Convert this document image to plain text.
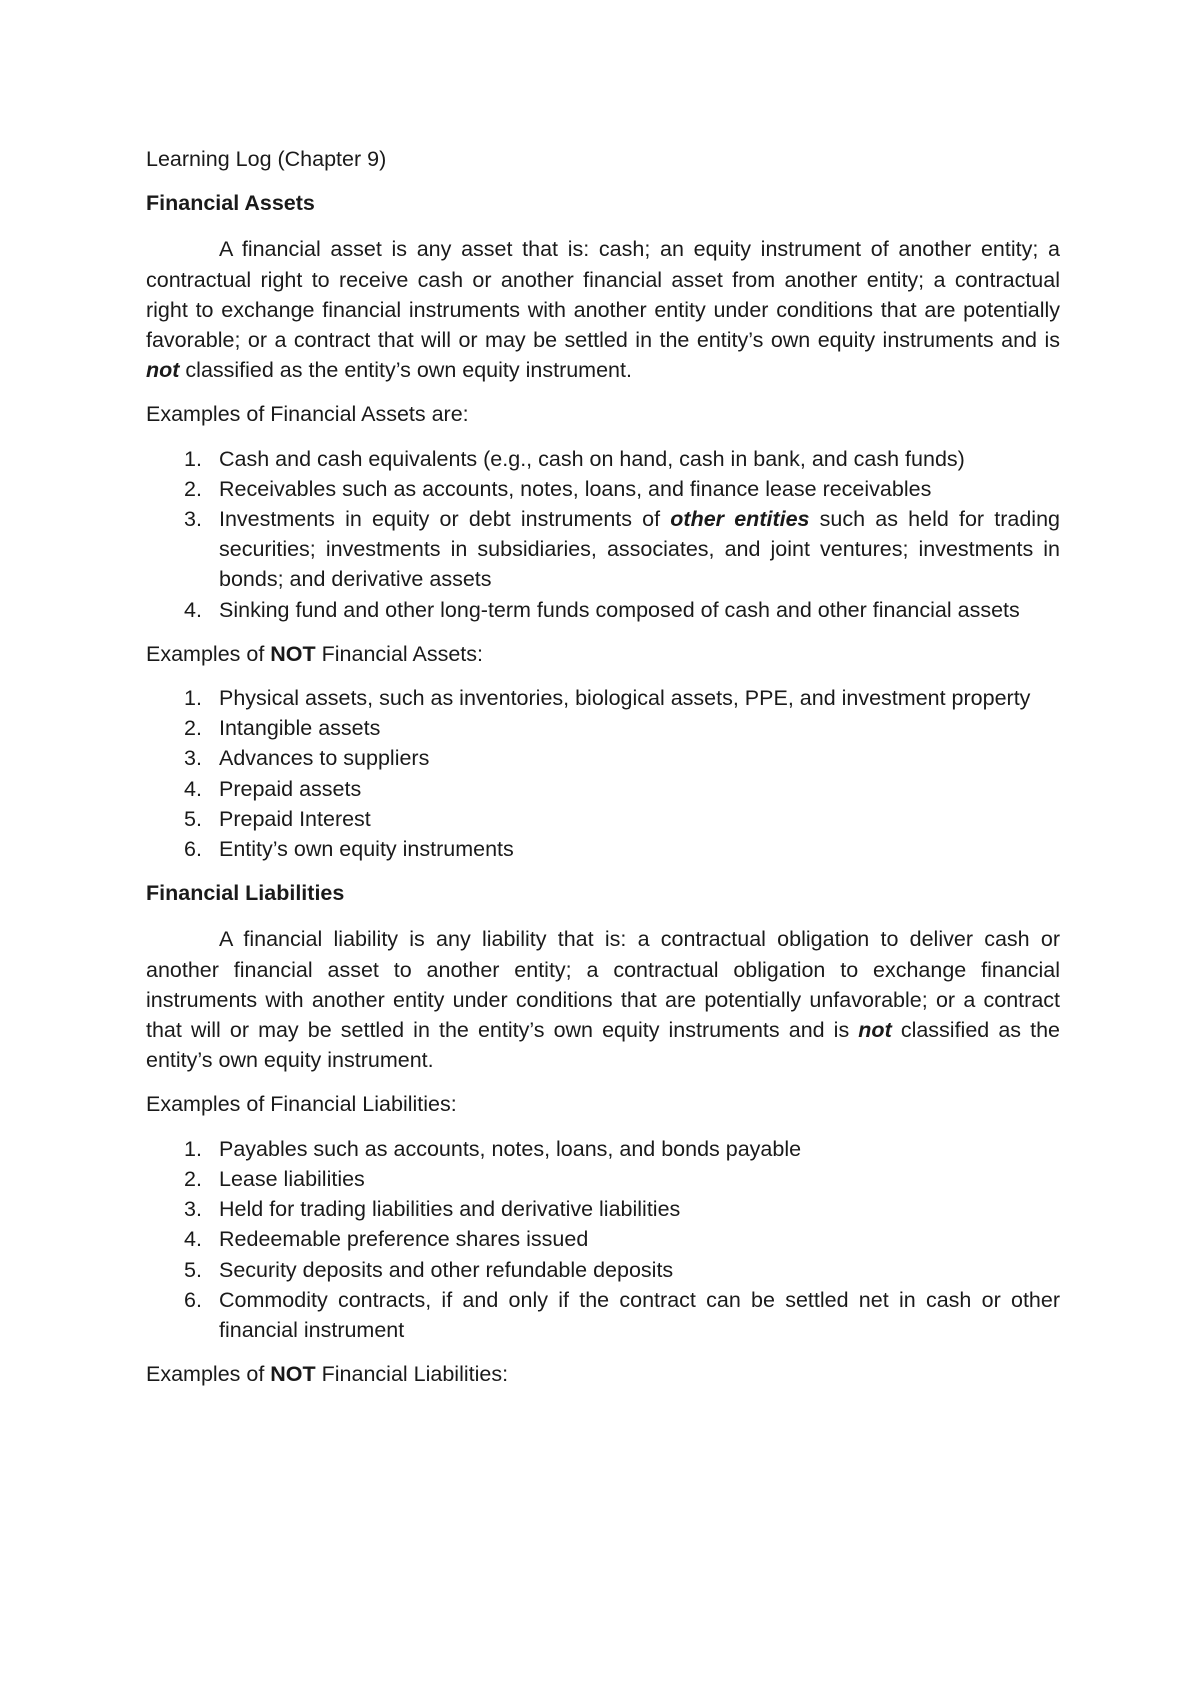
Learning Log (Chapter 9)

Financial Assets

A financial asset is any asset that is: cash; an equity instrument of another entity; a contractual right to receive cash or another financial asset from another entity; a contractual right to exchange financial instruments with another entity under conditions that are potentially favorable; or a contract that will or may be settled in the entity’s own equity instruments and is not classified as the entity’s own equity instrument.

Examples of Financial Assets are:

1. Cash and cash equivalents (e.g., cash on hand, cash in bank, and cash funds)
2. Receivables such as accounts, notes, loans, and finance lease receivables
3. Investments in equity or debt instruments of other entities such as held for trading securities; investments in subsidiaries, associates, and joint ventures; investments in bonds; and derivative assets
4. Sinking fund and other long-term funds composed of cash and other financial assets

Examples of NOT Financial Assets:

1. Physical assets, such as inventories, biological assets, PPE, and investment property
2. Intangible assets
3. Advances to suppliers
4. Prepaid assets
5. Prepaid Interest
6. Entity’s own equity instruments

Financial Liabilities

A financial liability is any liability that is: a contractual obligation to deliver cash or another financial asset to another entity; a contractual obligation to exchange financial instruments with another entity under conditions that are potentially unfavorable; or a contract that will or may be settled in the entity’s own equity instruments and is not classified as the entity’s own equity instrument.

Examples of Financial Liabilities:

1. Payables such as accounts, notes, loans, and bonds payable
2. Lease liabilities
3. Held for trading liabilities and derivative liabilities
4. Redeemable preference shares issued
5. Security deposits and other refundable deposits
6. Commodity contracts, if and only if the contract can be settled net in cash or other financial instrument

Examples of NOT Financial Liabilities:
